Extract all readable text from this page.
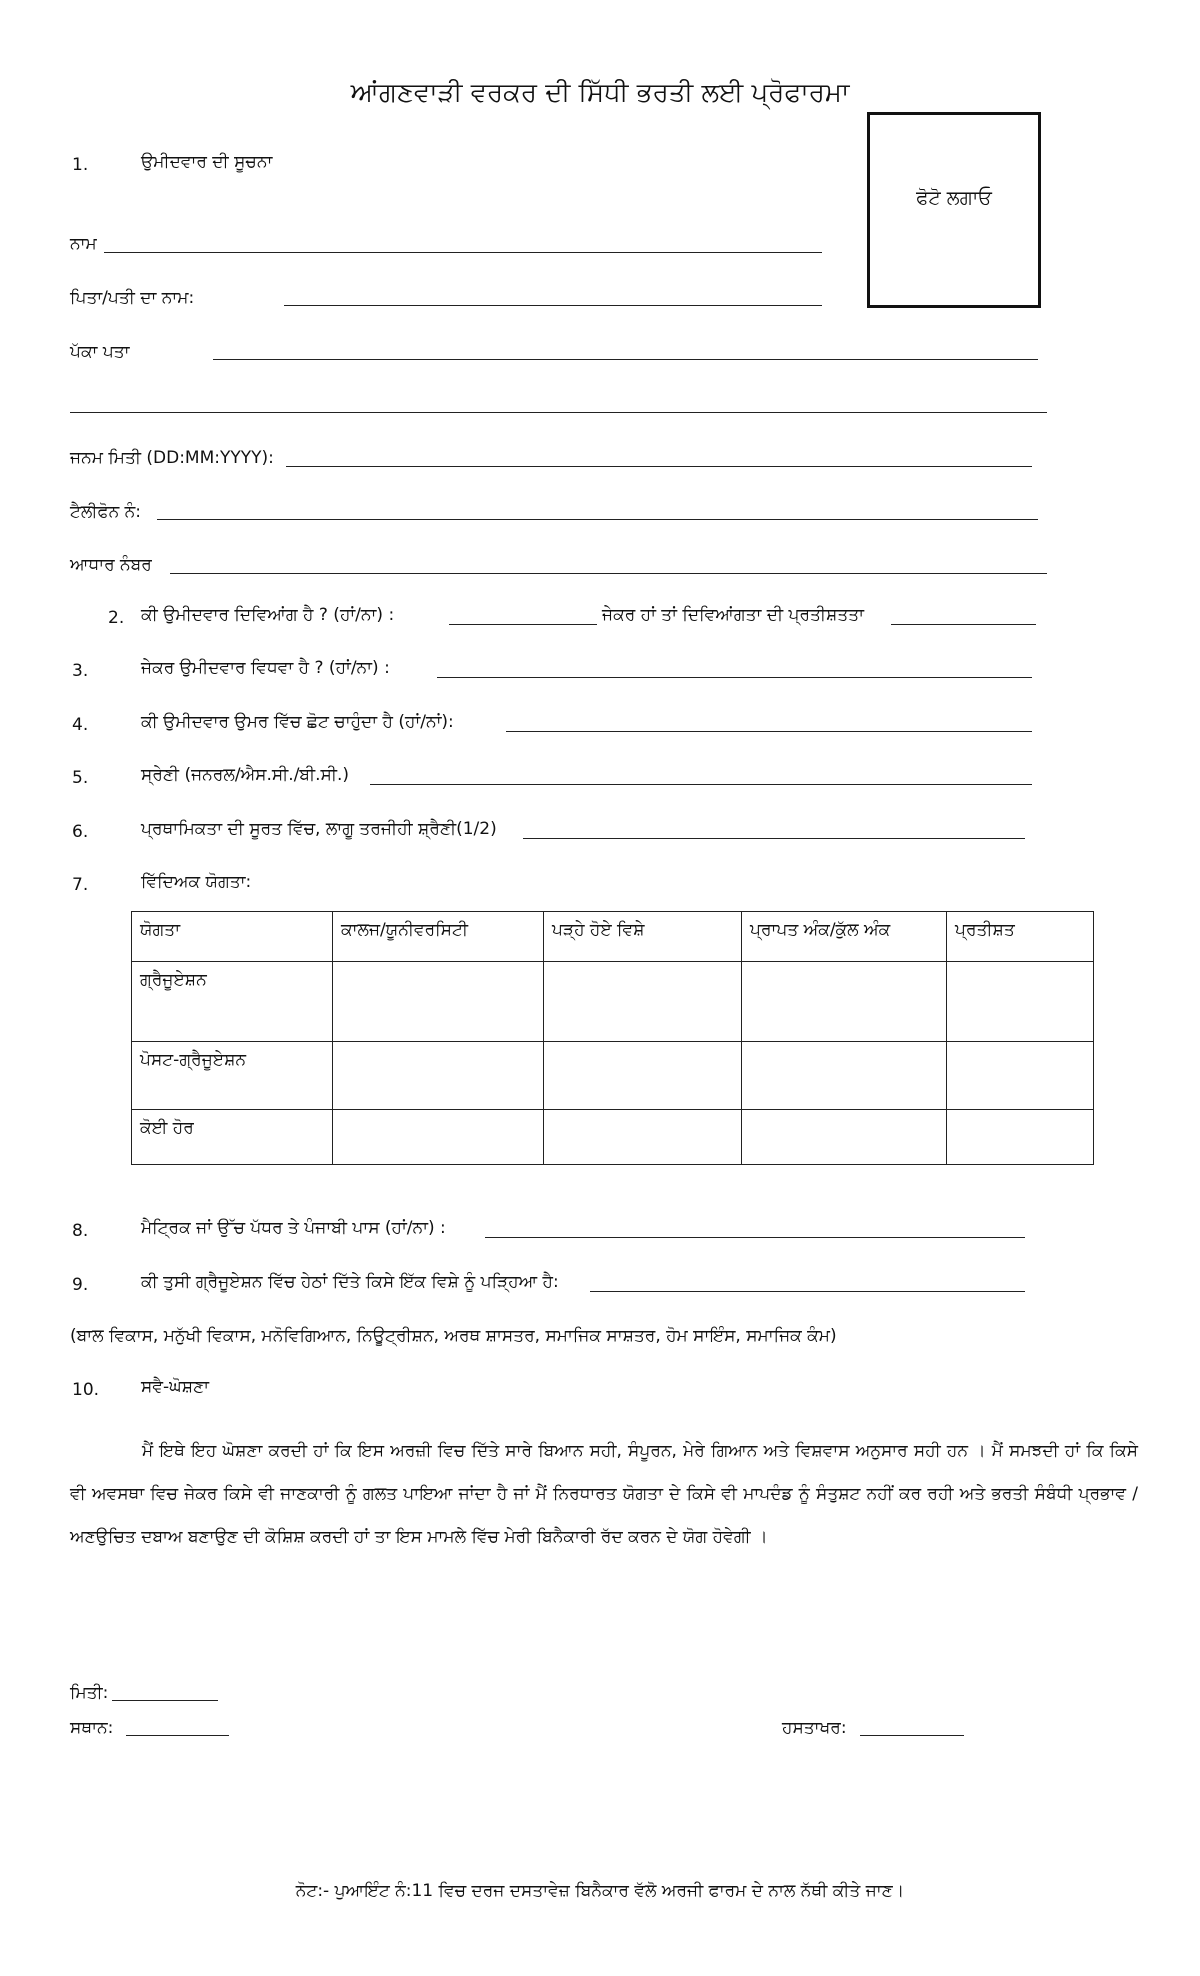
ਆਂਗਣਵਾੜੀ ਵਰਕਰ ਦੀ ਸਿੱਧੀ ਭਰਤੀ ਲਈ ਪ੍ਰੋਫਾਰਮਾ
ਫੋਟੋ ਲਗਾਓ
1.	ਉਮੀਦਵਾਰ ਦੀ ਸੂਚਨਾ
ਨਾਮ
ਪਿਤਾ/ਪਤੀ ਦਾ ਨਾਮ:
ਪੱਕਾ ਪਤਾ
ਜਨਮ ਮਿਤੀ (DD:MM:YYYY):
ਟੈਲੀਫੋਨ ਨੰ:
ਆਧਾਰ ਨੰਬਰ
2. ਕੀ ਉਮੀਦਵਾਰ ਦਿਵਿਆਂਗ ਹੈ ? (ਹਾਂ/ਨਾ) :	ਜੇਕਰ ਹਾਂ ਤਾਂ ਦਿਵਿਆਂਗਤਾ ਦੀ ਪ੍ਰਤੀਸ਼ਤਤਾ
3.	ਜੇਕਰ ਉਮੀਦਵਾਰ ਵਿਧਵਾ ਹੈ ? (ਹਾਂ/ਨਾ) :
4.	ਕੀ ਉਮੀਦਵਾਰ ਉਮਰ ਵਿੱਚ ਛੋਟ ਚਾਹੁੰਦਾ ਹੈ (ਹਾਂ/ਨਾਂ):
5.	ਸ੍ਰੇਣੀ (ਜਨਰਲ/ਐਸ.ਸੀ./ਬੀ.ਸੀ.)
6.	ਪ੍ਰਥਾਮਿਕਤਾ ਦੀ ਸੂਰਤ ਵਿੱਚ, ਲਾਗੂ ਤਰਜੀਹੀ ਸ਼੍ਰੈਣੀ(1/2)
7.	ਵਿੱਦਿਅਕ ਯੋਗਤਾ:
ਯੋਗਤਾ	ਕਾਲਜ/ਯੂਨੀਵਰਸਿਟੀ	ਪੜ੍ਹੇ ਹੋਏ ਵਿਸ਼ੇ	ਪ੍ਰਾਪਤ ਅੰਕ/ਕੁੱਲ ਅੰਕ	ਪ੍ਰਤੀਸ਼ਤ
ਗ੍ਰੈਜੂਏਸ਼ਨ				
ਪੋਸਟ-ਗ੍ਰੈਜੂਏਸ਼ਨ				
ਕੋਈ ਹੋਰ				
8.	ਮੈਟ੍ਰਿਕ ਜਾਂ ਉੱਚ ਪੱਧਰ ਤੇ ਪੰਜਾਬੀ ਪਾਸ (ਹਾਂ/ਨਾ) :
9.	ਕੀ ਤੁਸੀ ਗ੍ਰੈਜੂਏਸ਼ਨ ਵਿੱਚ ਹੇਠਾਂ ਦਿੱਤੇ ਕਿਸੇ ਇੱਕ ਵਿਸ਼ੇ ਨੂੰ ਪੜ੍ਹਿਆ ਹੈ:
(ਬਾਲ ਵਿਕਾਸ, ਮਨੁੱਖੀ ਵਿਕਾਸ, ਮਨੋਵਿਗਿਆਨ, ਨਿਊਟ੍ਰੀਸ਼ਨ, ਅਰਥ ਸ਼ਾਸਤਰ, ਸਮਾਜਿਕ ਸਾਸ਼ਤਰ, ਹੋਮ ਸਾਇੰਸ, ਸਮਾਜਿਕ ਕੰਮ)
10. ਸਵੈ-ਘੋਸ਼ਣਾ
ਮੈਂ ਇਥੇ ਇਹ ਘੋਸ਼ਣਾ ਕਰਦੀ ਹਾਂ ਕਿ ਇਸ ਅਰਜ਼ੀ ਵਿਚ ਦਿੱਤੇ ਸਾਰੇ ਬਿਆਨ ਸਹੀ, ਸੰਪੂਰਨ, ਮੇਰੇ ਗਿਆਨ ਅਤੇ ਵਿਸ਼ਵਾਸ ਅਨੁਸਾਰ ਸਹੀ ਹਨ । ਮੈਂ ਸਮਝਦੀ ਹਾਂ ਕਿ ਕਿਸੇ ਵੀ ਅਵਸਥਾ ਵਿਚ ਜੇਕਰ ਕਿਸੇ ਵੀ ਜਾਣਕਾਰੀ ਨੂੰ ਗਲਤ ਪਾਇਆ ਜਾਂਦਾ ਹੈ ਜਾਂ ਮੈਂ ਨਿਰਧਾਰਤ ਯੋਗਤਾ ਦੇ ਕਿਸੇ ਵੀ ਮਾਪਦੰਡ ਨੂੰ ਸੰਤੁਸ਼ਟ ਨਹੀਂ ਕਰ ਰਹੀ ਅਤੇ ਭਰਤੀ ਸੰਬੰਧੀ ਪ੍ਰਭਾਵ / ਅਣਉਚਿਤ ਦਬਾਅ ਬਣਾਉਣ ਦੀ ਕੋਸ਼ਿਸ਼ ਕਰਦੀ ਹਾਂ ਤਾ ਇਸ ਮਾਮਲੇ ਵਿੱਚ ਮੇਰੀ ਬਿਨੈਕਾਰੀ ਰੱਦ ਕਰਨ ਦੇ ਯੋਗ ਹੋਵੇਗੀ ।
ਮਿਤੀ:
ਸਥਾਨ:	ਹਸਤਾਖਰ:
ਨੋਟ:- ਪੁਆਇੰਟ ਨੰ:11 ਵਿਚ ਦਰਜ ਦਸਤਾਵੇਜ਼ ਬਿਨੈਕਾਰ ਵੱਲੋ ਅਰਜੀ ਫਾਰਮ ਦੇ ਨਾਲ ਨੱਥੀ ਕੀਤੇ ਜਾਣ।
